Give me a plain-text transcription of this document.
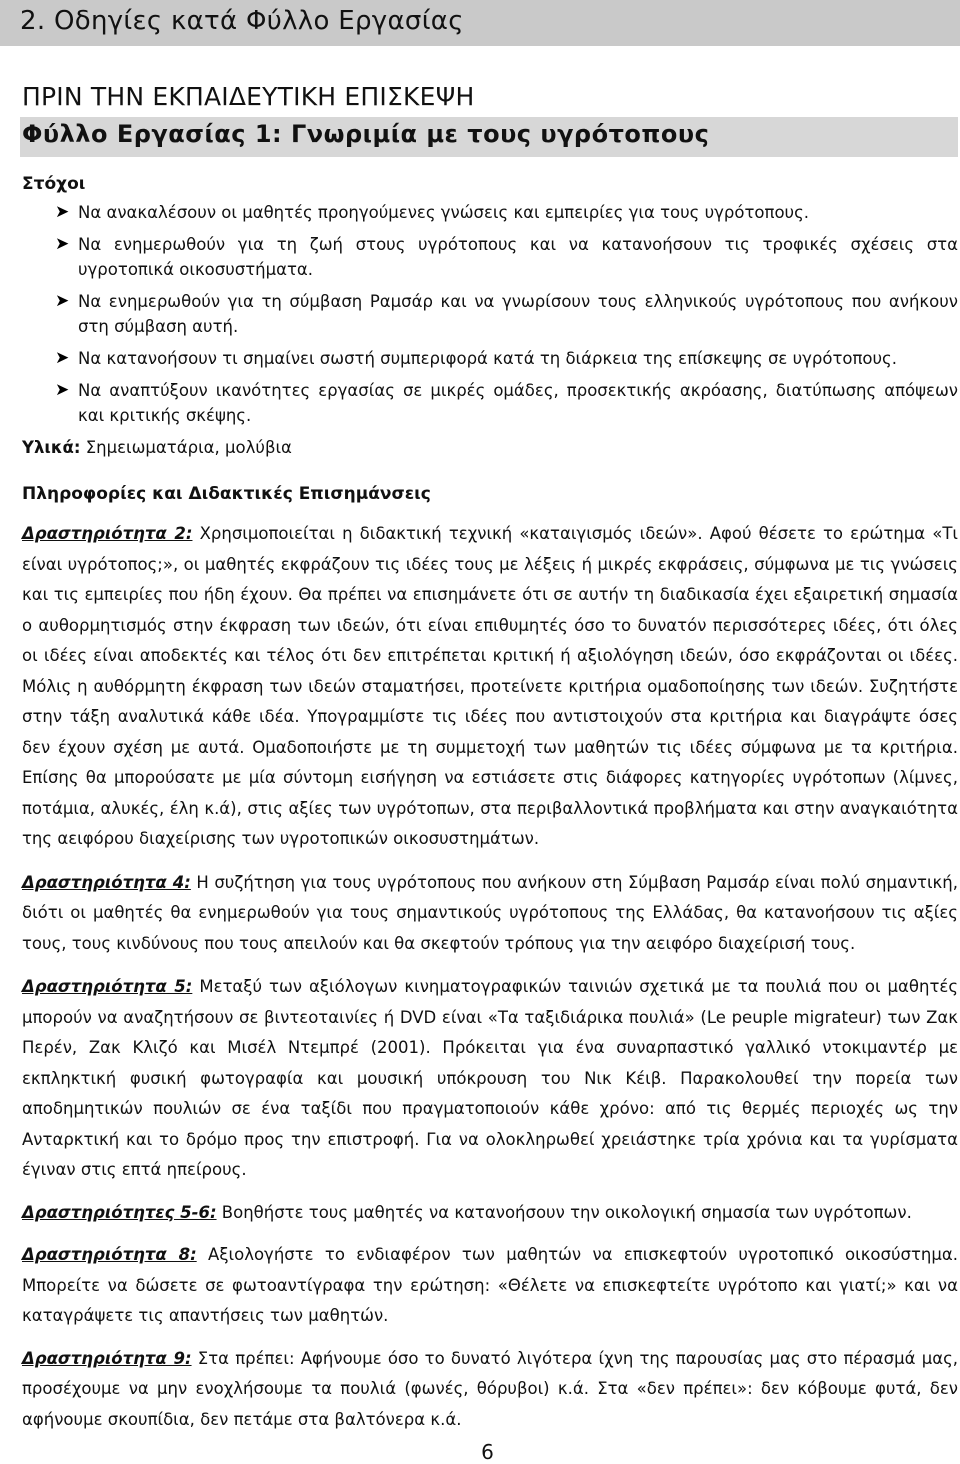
2. Οδηγίες κατά Φύλλο Εργασίας
ΠΡΙΝ ΤΗΝ ΕΚΠΑΙΔΕΥΤΙΚΗ ΕΠΙΣΚΕΨΗ
Φύλλο Εργασίας 1: Γνωριμία με τους υγρότοπους
Στόχοι
➤ Να ανακαλέσουν οι μαθητές προηγούμενες γνώσεις και εμπειρίες για τους υγρότοπους.
➤ Να ενημερωθούν για τη ζωή στους υγρότοπους και να κατανοήσουν τις τροφικές σχέσεις στα υγροτοπικά οικοσυστήματα.
➤ Να ενημερωθούν για τη σύμβαση Ραμσάρ και να γνωρίσουν τους ελληνικούς υγρότοπους που ανήκουν στη σύμβαση αυτή.
➤ Να κατανοήσουν τι σημαίνει σωστή συμπεριφορά κατά τη διάρκεια της επίσκεψης σε υγρότοπους.
➤ Να αναπτύξουν ικανότητες εργασίας σε μικρές ομάδες, προσεκτικής ακρόασης, διατύπωσης απόψεων και κριτικής σκέψης.
Υλικά: Σημειωματάρια, μολύβια
Πληροφορίες και Διδακτικές Επισημάνσεις
Δραστηριότητα 2: Χρησιμοποιείται η διδακτική τεχνική «καταιγισμός ιδεών». Αφού θέσετε το ερώτημα «Τι είναι υγρότοπος;», οι μαθητές εκφράζουν τις ιδέες τους με λέξεις ή μικρές εκφράσεις, σύμφωνα με τις γνώσεις και τις εμπειρίες που ήδη έχουν. Θα πρέπει να επισημάνετε ότι σε αυτήν τη διαδικασία έχει εξαιρετική σημασία ο αυθορμητισμός στην έκφραση των ιδεών, ότι είναι επιθυμητές όσο το δυνατόν περισσότερες ιδέες, ότι όλες οι ιδέες είναι αποδεκτές και τέλος ότι δεν επιτρέπεται κριτική ή αξιολόγηση ιδεών, όσο εκφράζονται οι ιδέες. Μόλις η αυθόρμητη έκφραση των ιδεών σταματήσει, προτείνετε κριτήρια ομαδοποίησης των ιδεών. Συζητήστε στην τάξη αναλυτικά κάθε ιδέα. Υπογραμμίστε τις ιδέες που αντιστοιχούν στα κριτήρια και διαγράψτε όσες δεν έχουν σχέση με αυτά. Ομαδοποιήστε με τη συμμετοχή των μαθητών τις ιδέες σύμφωνα με τα κριτήρια. Επίσης θα μπορούσατε με μία σύντομη εισήγηση να εστιάσετε στις διάφορες κατηγορίες υγρότοπων (λίμνες, ποτάμια, αλυκές, έλη κ.ά), στις αξίες των υγρότοπων, στα περιβαλλοντικά προβλήματα και στην αναγκαιότητα της αειφόρου διαχείρισης των υγροτοπικών οικοσυστημάτων.
Δραστηριότητα 4: Η συζήτηση για τους υγρότοπους που ανήκουν στη Σύμβαση Ραμσάρ είναι πολύ σημαντική, διότι οι μαθητές θα ενημερωθούν για τους σημαντικούς υγρότοπους της Ελλάδας, θα κατανοήσουν τις αξίες τους, τους κινδύνους που τους απειλούν και θα σκεφτούν τρόπους για την αειφόρο διαχείρισή τους.
Δραστηριότητα 5: Μεταξύ των αξιόλογων κινηματογραφικών ταινιών σχετικά με τα πουλιά που οι μαθητές μπορούν να αναζητήσουν σε βιντεοταινίες ή DVD είναι «Τα ταξιδιάρικα πουλιά» (Le peuple migrateur) των Ζακ Περέν, Ζακ Κλιζό και Μισέλ Ντεμπρέ (2001). Πρόκειται για ένα συναρπαστικό γαλλικό ντοκιμαντέρ με εκπληκτική φυσική φωτογραφία και μουσική υπόκρουση του Νικ Κέιβ. Παρακολουθεί την πορεία των αποδημητικών πουλιών σε ένα ταξίδι που πραγματοποιούν κάθε χρόνο: από τις θερμές περιοχές ως την Ανταρκτική και το δρόμο προς την επιστροφή. Για να ολοκληρωθεί χρειάστηκε τρία χρόνια και τα γυρίσματα έγιναν στις επτά ηπείρους.
Δραστηριότητες 5-6: Βοηθήστε τους μαθητές να κατανοήσουν την οικολογική σημασία των υγρότοπων.
Δραστηριότητα 8: Αξιολογήστε το ενδιαφέρον των μαθητών να επισκεφτούν υγροτοπικό οικοσύστημα. Μπορείτε να δώσετε σε φωτοαντίγραφα την ερώτηση: «Θέλετε να επισκεφτείτε υγρότοπο και γιατί;» και να καταγράψετε τις απαντήσεις των μαθητών.
Δραστηριότητα 9: Στα πρέπει: Αφήνουμε όσο το δυνατό λιγότερα ίχνη της παρουσίας μας στο πέρασμά μας, προσέχουμε να μην ενοχλήσουμε τα πουλιά (φωνές, θόρυβοι) κ.ά. Στα «δεν πρέπει»: δεν κόβουμε φυτά, δεν αφήνουμε σκουπίδια, δεν πετάμε στα βαλτόνερα κ.ά.
6
